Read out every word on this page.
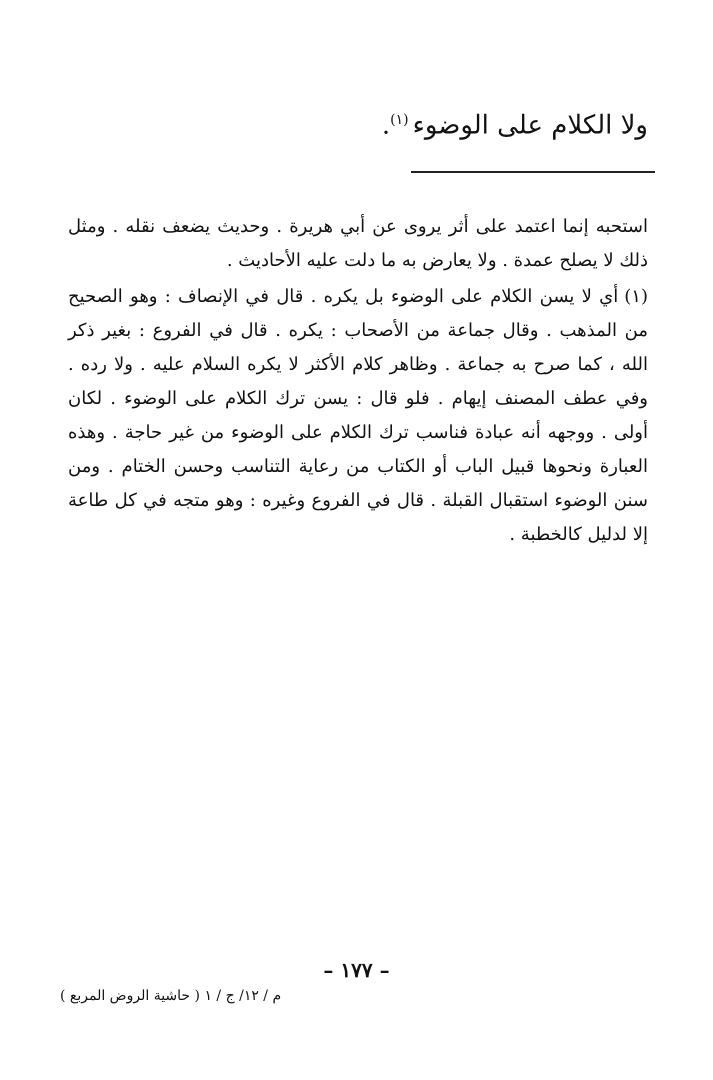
ولا الكلام على الوضوء$^{(١)}$.

استحبه إنما اعتمد على أثر يروى عن أبي هريرة . وحديث يضعف نقله . ومثل ذلك لا يصلح عمدة . ولا يعارض به ما دلت عليه الأحاديث .

(١)أي لا يسن الكلام على الوضوء بل يكره . قال في الإنصاف : وهو الصحيح من المذهب . وقال جماعة من الأصحاب : يكره . قال في الفروع : بغير ذكر الله ، كما صرح به جماعة . وظاهر كلام الأكثر لا يكره السلام عليه . ولا رده . وفي عطف المصنف إيهام . فلو قال : يسن ترك الكلام على الوضوء . لكان أولى . ووجهه أنه عبادة فناسب ترك الكلام على الوضوء من غير حاجة . وهذه العبارة ونحوها قبيل الباب أو الكتاب من رعاية التناسب وحسن الختام . ومن سنن الوضوء استقبال القبلة . قال في الفروع وغيره : وهو متجه في كل طاعة إلا لدليل كالخطبة .

– ١٧٧ –
م / ١٢/ ج / ١ ( حاشية الروض المربع )
